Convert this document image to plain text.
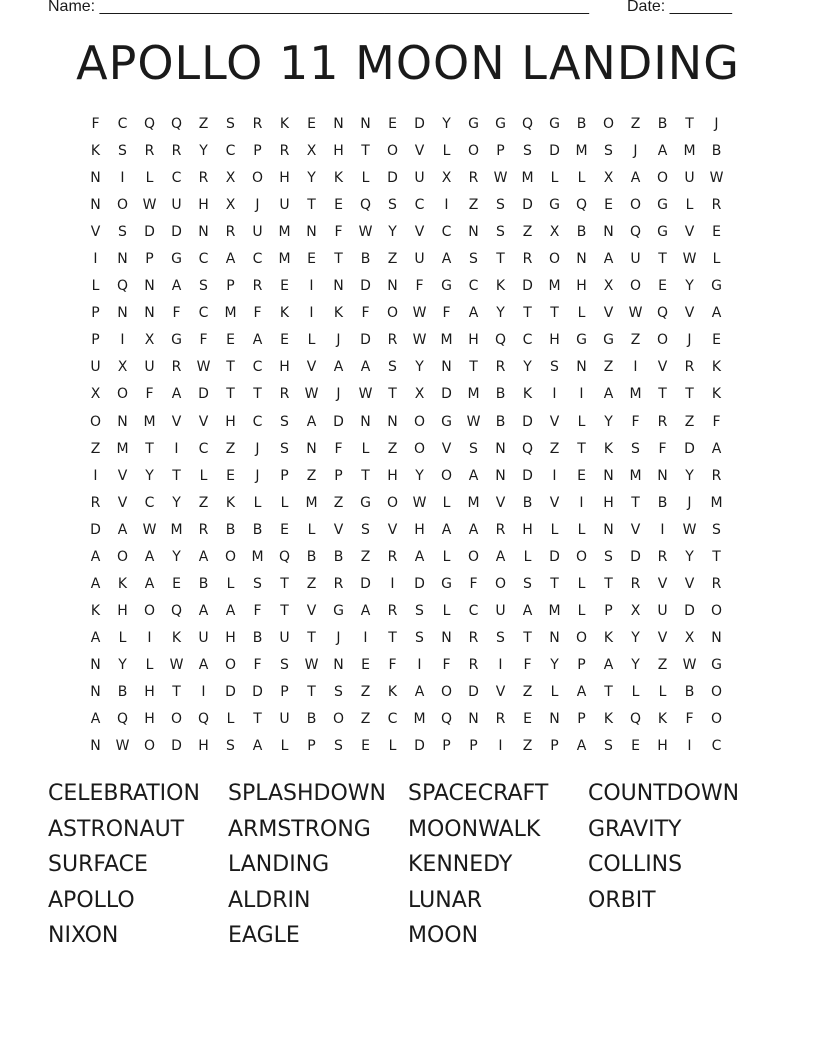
Name: _______________________________________________________ Date: _______
APOLLO 11 MOON LANDING
F	C	Q	Q	Z	S	R	K	E	N	N	E	D	Y	G	G	Q	G	B	O	Z	B	T	J
K	S	R	R	Y	C	P	R	X	H	T	O	V	L	O	P	S	D	M	S	J	A	M	B
N	I	L	C	R	X	O	H	Y	K	L	D	U	X	R	W	M	L	L	X	A	O	U	W
N	O	W	U	H	X	J	U	T	E	Q	S	C	I	Z	S	D	G	Q	E	O	G	L	R
V	S	D	D	N	R	U	M	N	F	W	Y	V	C	N	S	Z	X	B	N	Q	G	V	E
I	N	P	G	C	A	C	M	E	T	B	Z	U	A	S	T	R	O	N	A	U	T	W	L
L	Q	N	A	S	P	R	E	I	N	D	N	F	G	C	K	D	M	H	X	O	E	Y	G
P	N	N	F	C	M	F	K	I	K	F	O	W	F	A	Y	T	T	L	V	W	Q	V	A
P	I	X	G	F	E	A	E	L	J	D	R	W	M	H	Q	C	H	G	G	Z	O	J	E
U	X	U	R	W	T	C	H	V	A	A	S	Y	N	T	R	Y	S	N	Z	I	V	R	K
X	O	F	A	D	T	T	R	W	J	W	T	X	D	M	B	K	I	I	A	M	T	T	K
O	N	M	V	V	H	C	S	A	D	N	N	O	G	W	B	D	V	L	Y	F	R	Z	F
Z	M	T	I	C	Z	J	S	N	F	L	Z	O	V	S	N	Q	Z	T	K	S	F	D	A
I	V	Y	T	L	E	J	P	Z	P	T	H	Y	O	A	N	D	I	E	N	M	N	Y	R
R	V	C	Y	Z	K	L	L	M	Z	G	O	W	L	M	V	B	V	I	H	T	B	J	M
D	A	W	M	R	B	B	E	L	V	S	V	H	A	A	R	H	L	L	N	V	I	W	S
A	O	A	Y	A	O	M	Q	B	B	Z	R	A	L	O	A	L	D	O	S	D	R	Y	T
A	K	A	E	B	L	S	T	Z	R	D	I	D	G	F	O	S	T	L	T	R	V	V	R
K	H	O	Q	A	A	F	T	V	G	A	R	S	L	C	U	A	M	L	P	X	U	D	O
A	L	I	K	U	H	B	U	T	J	I	T	S	N	R	S	T	N	O	K	Y	V	X	N
N	Y	L	W	A	O	F	S	W	N	E	F	I	F	R	I	F	Y	P	A	Y	Z	W	G
N	B	H	T	I	D	D	P	T	S	Z	K	A	O	D	V	Z	L	A	T	L	L	B	O
A	Q	H	O	Q	L	T	U	B	O	Z	C	M	Q	N	R	E	N	P	K	Q	K	F	O
N	W	O	D	H	S	A	L	P	S	E	L	D	P	P	I	Z	P	A	S	E	H	I	C
CELEBRATION	SPLASHDOWN SPACECRAFT	COUNTDOWN
ASTRONAUT	ARMSTRONG	MOONWALK	GRAVITY
SURFACE	LANDING	KENNEDY	COLLINS
APOLLO	ALDRIN	LUNAR	ORBIT
NIXON	EAGLE	MOON
